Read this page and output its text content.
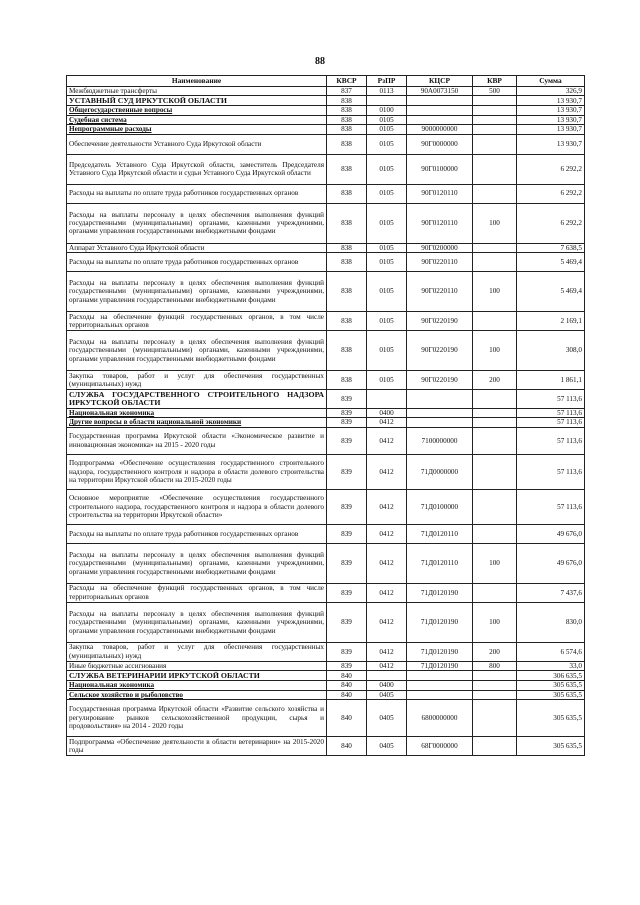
88
Наименование	КВСР	РзПР	КЦСР	КВР	Сумма
Межбюджетные трансферты	837	0113	90А0073150	500	326,9
УСТАВНЫЙ СУД ИРКУТСКОЙ ОБЛАСТИ	838				13 930,7
Общегосударственные вопросы	838	0100			13 930,7
Судебная система	838	0105			13 930,7
Непрограммные расходы	838	0105	9000000000		13 930,7
Обеспечение деятельности Уставного Суда Иркутской области	838	0105	90Г0000000		13 930,7
Председатель Уставного Суда Иркутской области, заместитель Председателя Уставного Суда Иркутской области и судьи Уставного Суда Иркутской области	838	0105	90Г0100000		6 292,2
Расходы на выплаты по оплате труда работников государственных органов	838	0105	90Г0120110		6 292,2
Расходы на выплаты персоналу в целях обеспечения выполнения функций государственными (муниципальными) органами, казенными учреждениями, органами управления государственными внебюджетными фондами	838	0105	90Г0120110	100	6 292,2
Аппарат Уставного Суда Иркутской области	838	0105	90Г0200000		7 638,5
Расходы на выплаты по оплате труда работников государственных органов	838	0105	90Г0220110		5 469,4
Расходы на выплаты персоналу в целях обеспечения выполнения функций государственными (муниципальными) органами, казенными учреждениями, органами управления государственными внебюджетными фондами	838	0105	90Г0220110	100	5 469,4
Расходы на обеспечение функций государственных органов, в том числе территориальных органов	838	0105	90Г0220190		2 169,1
Расходы на выплаты персоналу в целях обеспечения выполнения функций государственными (муниципальными) органами, казенными учреждениями, органами управления государственными внебюджетными фондами	838	0105	90Г0220190	100	308,0
Закупка товаров, работ и услуг для обеспечения государственных (муниципальных) нужд	838	0105	90Г0220190	200	1 861,1
СЛУЖБА ГОСУДАРСТВЕННОГО СТРОИТЕЛЬНОГО НАДЗОРА ИРКУТСКОЙ ОБЛАСТИ	839				57 113,6
Национальная экономика	839	0400			57 113,6
Другие вопросы в области национальной экономики	839	0412			57 113,6
Государственная программа Иркутской области «Экономическое развитие и инновационная экономика» на 2015 - 2020 годы	839	0412	7100000000		57 113,6
Подпрограмма «Обеспечение осуществления государственного строительного надзора, государственного контроля и надзора в области долевого строительства на территории Иркутской области на 2015-2020 годы	839	0412	71Д0000000		57 113,6
Основное мероприятие «Обеспечение осуществления государственного строительного надзора, государственного контроля и надзора в области долевого строительства на территории Иркутской области»	839	0412	71Д0100000		57 113,6
Расходы на выплаты по оплате труда работников государственных органов	839	0412	71Д0120110		49 676,0
Расходы на выплаты персоналу в целях обеспечения выполнения функций государственными (муниципальными) органами, казенными учреждениями, органами управления государственными внебюджетными фондами	839	0412	71Д0120110	100	49 676,0
Расходы на обеспечение функций государственных органов, в том числе территориальных органов	839	0412	71Д0120190		7 437,6
Расходы на выплаты персоналу в целях обеспечения выполнения функций государственными (муниципальными) органами, казенными учреждениями, органами управления государственными внебюджетными фондами	839	0412	71Д0120190	100	830,0
Закупка товаров, работ и услуг для обеспечения государственных (муниципальных) нужд	839	0412	71Д0120190	200	6 574,6
Иные бюджетные ассигнования	839	0412	71Д0120190	800	33,0
СЛУЖБА ВЕТЕРИНАРИИ ИРКУТСКОЙ ОБЛАСТИ	840				306 635,5
Национальная экономика	840	0400			305 635,5
Сельское хозяйство и рыболовство	840	0405			305 635,5
Государственная программа Иркутской области «Развитие сельского хозяйства и регулирование рынков сельскохозяйственной продукции, сырья и продовольствия» на 2014 - 2020 годы	840	0405	6800000000		305 635,5
Подпрограмма «Обеспечение деятельности в области ветеринарии» на 2015-2020 годы	840	0405	68Г0000000		305 635,5
